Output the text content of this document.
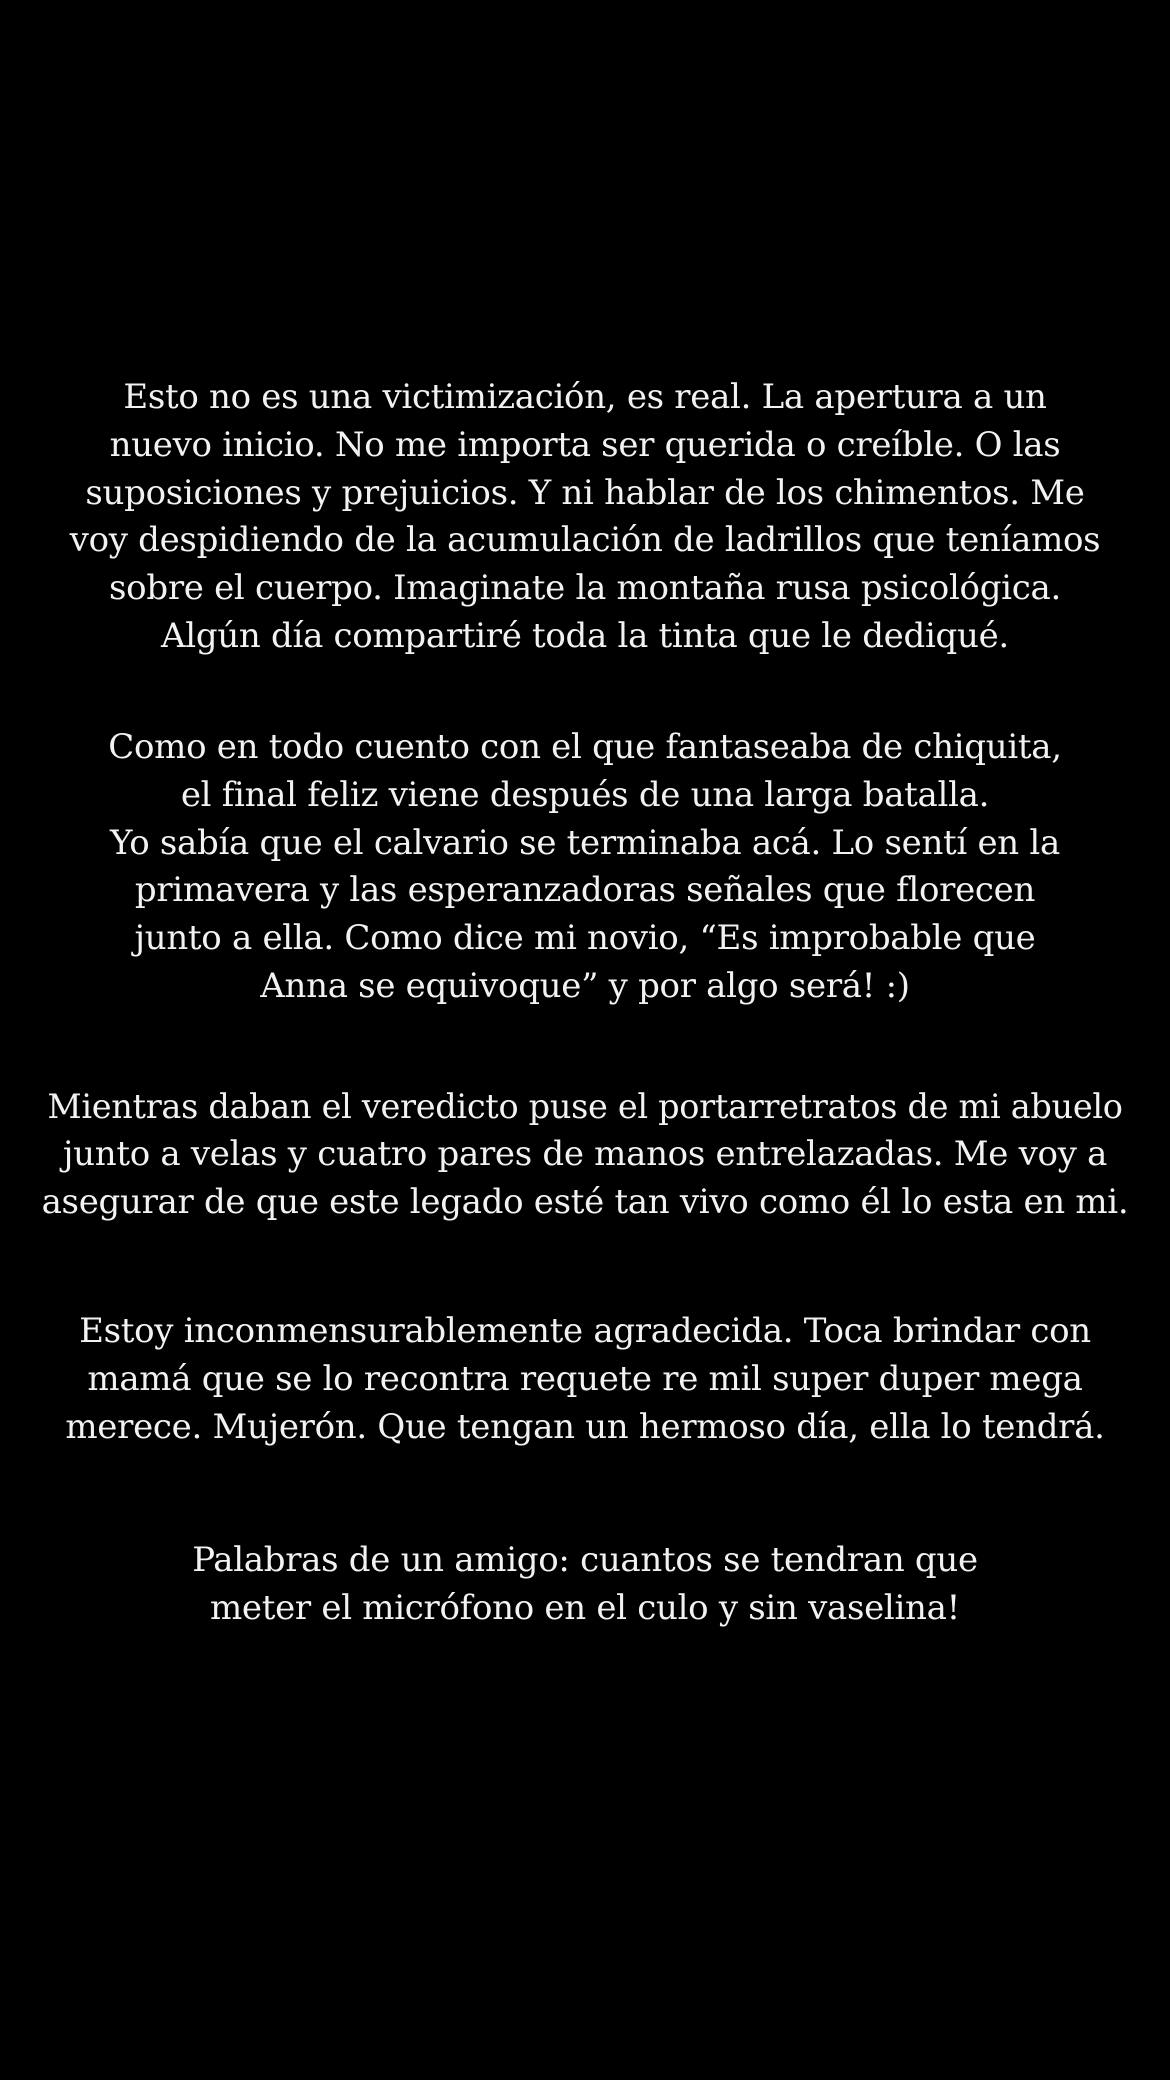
Esto no es una victimización, es real. La apertura a un
nuevo inicio. No me importa ser querida o creíble. O las
suposiciones y prejuicios. Y ni hablar de los chimentos. Me
voy despidiendo de la acumulación de ladrillos que teníamos
sobre el cuerpo. Imaginate la montaña rusa psicológica.
Algún día compartiré toda la tinta que le dediqué.

Como en todo cuento con el que fantaseaba de chiquita,
el final feliz viene después de una larga batalla.
Yo sabía que el calvario se terminaba acá. Lo sentí en la
primavera y las esperanzadoras señales que florecen
junto a ella. Como dice mi novio, “Es improbable que
Anna se equivoque” y por algo será! :)

Mientras daban el veredicto puse el portarretratos de mi abuelo
junto a velas y cuatro pares de manos entrelazadas. Me voy a
asegurar de que este legado esté tan vivo como él lo esta en mi.

Estoy inconmensurablemente agradecida. Toca brindar con
mamá que se lo recontra requete re mil super duper mega
merece. Mujerón. Que tengan un hermoso día, ella lo tendrá.

Palabras de un amigo: cuantos se tendran que
meter el micrófono en el culo y sin vaselina!
